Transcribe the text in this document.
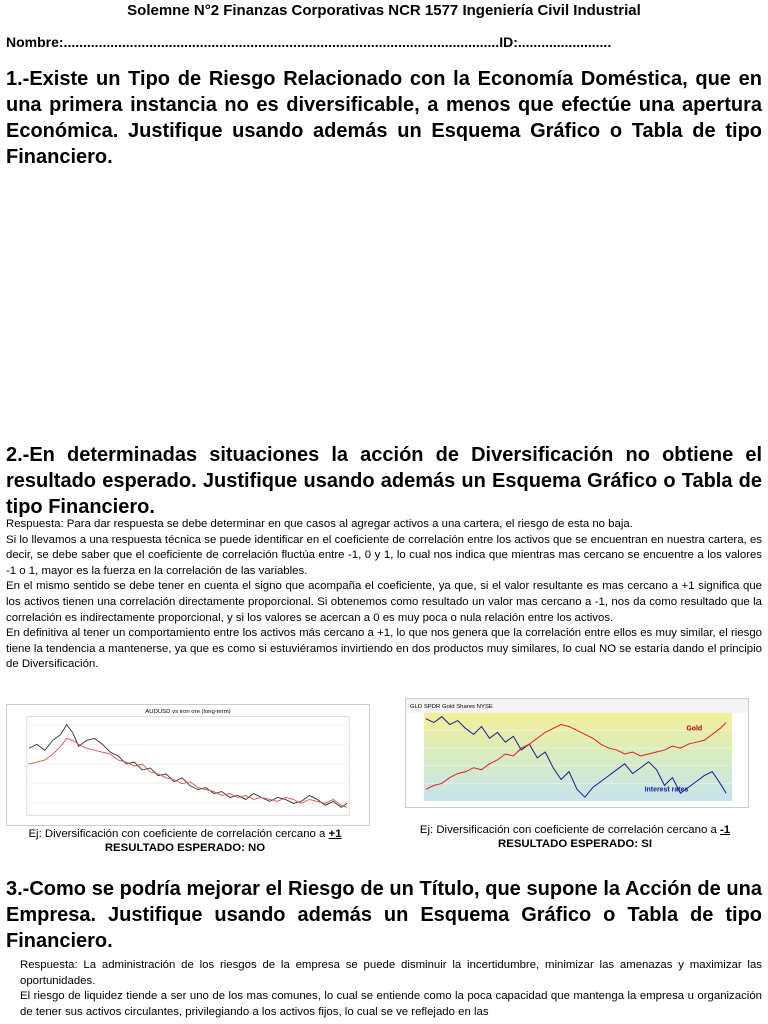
Solemne N°2 Finanzas Corporativas NCR 1577 Ingeniería Civil Industrial
Nombre:................................................................................................................ID:........................
1.-Existe un Tipo de Riesgo Relacionado con la Economía Doméstica, que en una primera instancia no es diversificable, a menos que efectúe una apertura Económica. Justifique usando además un Esquema Gráfico o Tabla de tipo Financiero.
2.-En determinadas situaciones la acción de Diversificación no obtiene el resultado esperado. Justifique usando además un Esquema Gráfico o Tabla de tipo Financiero.

Respuesta: Para dar respuesta se debe determinar en que casos al agregar activos a una cartera, el riesgo de esta no baja.

Si lo llevamos a una respuesta técnica se puede identificar en el coeficiente de correlación entre los activos que se encuentran en nuestra cartera, es decir, se debe saber que el coeficiente de correlación fluctúa entre -1, 0 y 1, lo cual nos indica que mientras mas cercano se encuentre a los valores -1 o 1, mayor es la fuerza en la correlación de las variables.

En el mismo sentido se debe tener en cuenta el signo que acompaña el coeficiente, ya que, si el valor resultante es mas cercano a +1 significa que los activos tienen una correlación directamente proporcional. Si obtenemos como resultado un valor mas cercano a -1, nos da como resultado que la correlación es indirectamente proporcional, y si los valores se acercan a 0 es muy poca o nula relación entre los activos.

En definitiva al tener un comportamiento entre los activos más cercano a +1, lo que nos genera que la correlación entre ellos es muy similar, el riesgo tiene la tendencia a mantenerse, ya que es como si estuviéramos invirtiendo en dos productos muy similares, lo cual NO se estaría dando el principio de Diversificación.

AUDUSD vs iron ore (long-term)
GLD SPDR Gold Shares NYSE
Gold
Interest rates
Ej: Diversificación con coeficiente de correlación cercano a +1
RESULTADO ESPERADO: NO
Ej: Diversificación con coeficiente de correlación cercano a -1
RESULTADO ESPERADO: SI
3.-Como se podría mejorar el Riesgo de un Título, que supone la Acción de una Empresa. Justifique usando además un Esquema Gráfico o Tabla de tipo Financiero.

Respuesta: La administración de los riesgos de la empresa se puede disminuir la incertidumbre, minimizar las amenazas y maximizar las oportunidades.

El riesgo de liquidez tiende a ser uno de los mas comunes, lo cual se entiende como la poca capacidad que mantenga la empresa u organización de tener sus activos circulantes, privilegiando a los activos fijos, lo cual se ve reflejado en las
